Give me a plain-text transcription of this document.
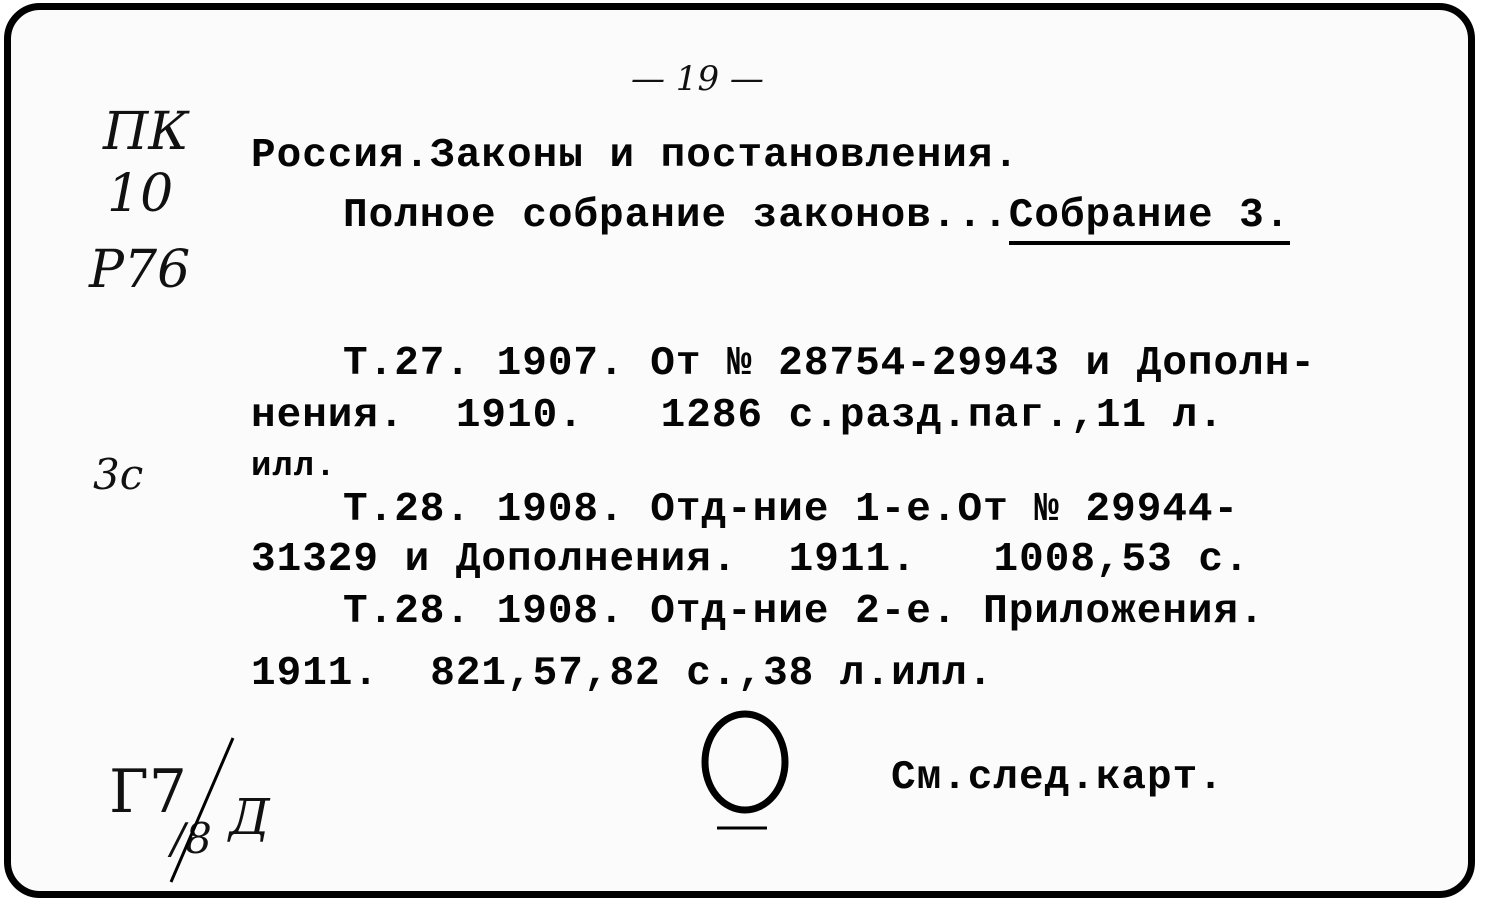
— 19 —
ПК
10
Р76
3с
Россия.Законы и постановления.
Полное собрание законов...Собрание 3.
Т.27. 1907. От № 28754-29943 и Дополн-
нения.  1910.   1286 с.разд.паг.,11 л.
илл.
Т.28. 1908. Отд-ние 1-е.От № 29944-
31329 и Дополнения.  1911.   1008,53 с.
Т.28. 1908. Отд-ние 2-е. Приложения.
1911.  821,57,82 с.,38 л.илл.
См.след.карт.
Г7
/8 Д
